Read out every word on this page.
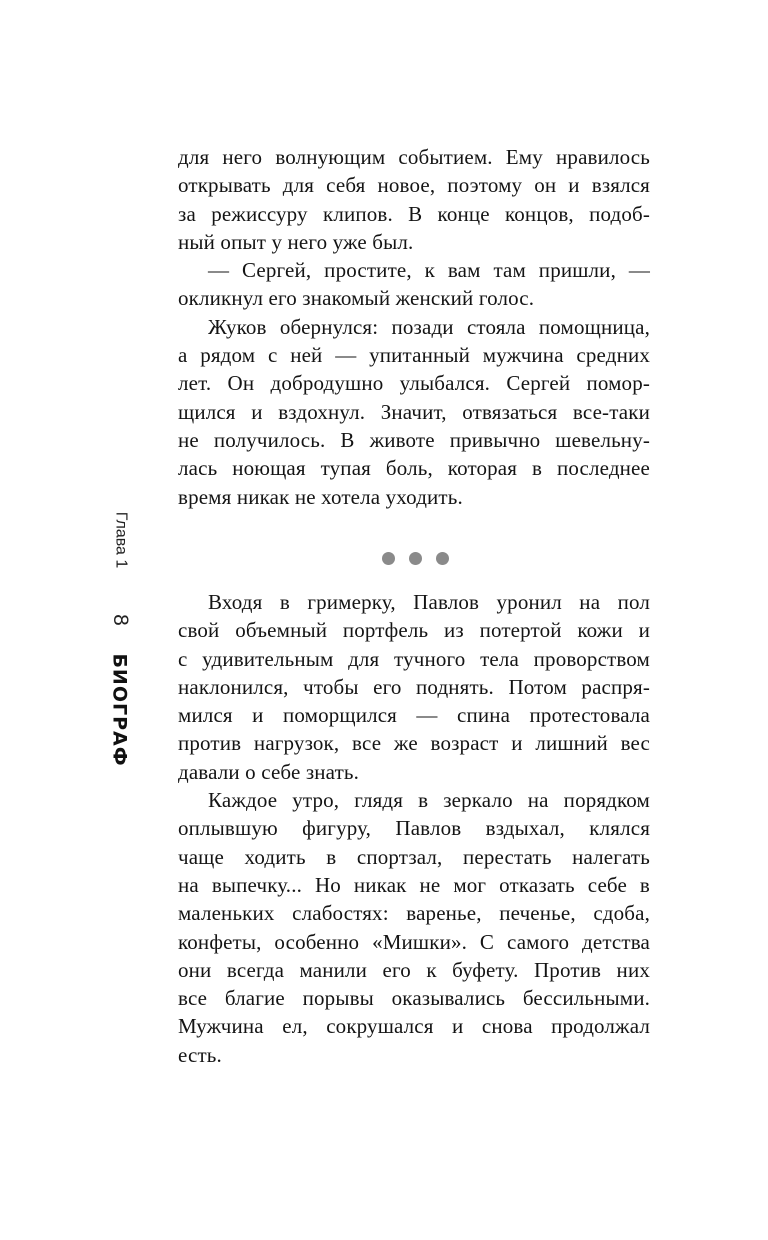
Глава 1
8
БИОГРАФ
для него волнующим событием. Ему нравилось
открывать для себя новое, поэтому он и взялся
за режиссуру клипов. В конце концов, подоб-
ный опыт у него уже был.
— Сергей, простите, к вам там пришли, —
окликнул его знакомый женский голос.
Жуков обернулся: позади стояла помощница,
а рядом с ней — упитанный мужчина средних
лет. Он добродушно улыбался. Сергей помор-
щился и вздохнул. Значит, отвязаться все-таки
не получилось. В животе привычно шевельну-
лась ноющая тупая боль, которая в последнее
время никак не хотела уходить.
Входя в гримерку, Павлов уронил на пол
свой объемный портфель из потертой кожи и
с удивительным для тучного тела проворством
наклонился, чтобы его поднять. Потом распря-
мился и поморщился — спина протестовала
против нагрузок, все же возраст и лишний вес
давали о себе знать.
Каждое утро, глядя в зеркало на порядком
оплывшую фигуру, Павлов вздыхал, клялся
чаще ходить в спортзал, перестать налегать
на выпечку... Но никак не мог отказать себе в
маленьких слабостях: варенье, печенье, сдоба,
конфеты, особенно «Мишки». С самого детства
они всегда манили его к буфету. Против них
все благие порывы оказывались бессильными.
Мужчина ел, сокрушался и снова продолжал
есть.
